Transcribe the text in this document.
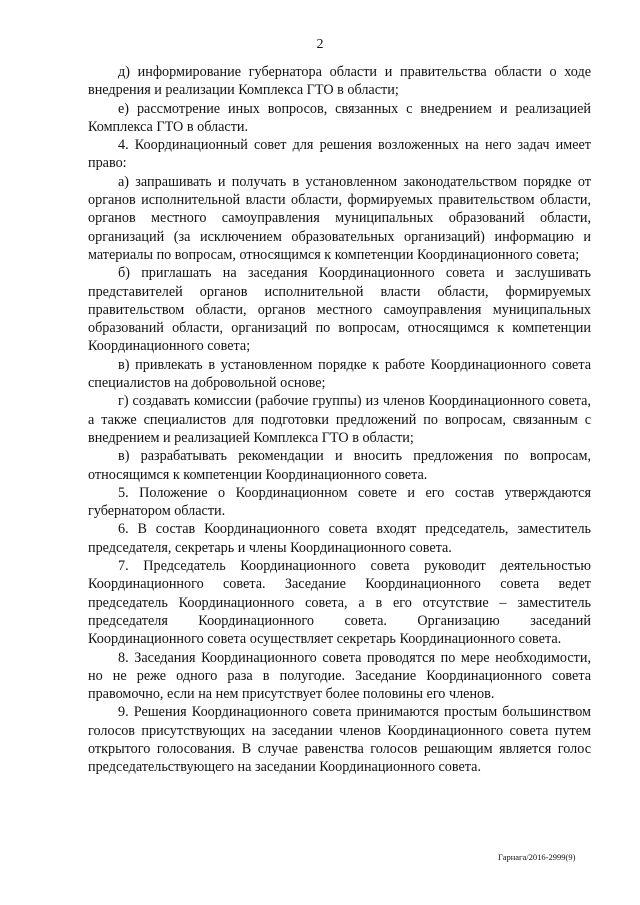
2

д) информирование губернатора области и правительства области о ходе внедрения и реализации Комплекса ГТО в области;

е) рассмотрение иных вопросов, связанных с внедрением и реализацией Комплекса ГТО в области.

4. Координационный совет для решения возложенных на него задач имеет право:

а) запрашивать и получать в установленном законодательством порядке от органов исполнительной власти области, формируемых правительством области, органов местного самоуправления муниципальных образований области, организаций (за исключением образовательных организаций) информацию и материалы по вопросам, относящимся к компетенции Координационного совета;

б) приглашать на заседания Координационного совета и заслушивать представителей органов исполнительной власти области, формируемых правительством области, органов местного самоуправления муниципальных образований области, организаций по вопросам, относящимся к компетенции Координационного совета;

в) привлекать в установленном порядке к работе Координационного совета специалистов на добровольной основе;

г) создавать комиссии (рабочие группы) из членов Координационного совета, а также специалистов для подготовки предложений по вопросам, связанным с внедрением и реализацией Комплекса ГТО в области;

в) разрабатывать рекомендации и вносить предложения по вопросам, относящимся к компетенции Координационного совета.

5. Положение о Координационном совете и его состав утверждаются губернатором области.

6. В состав Координационного совета входят председатель, заместитель председателя, секретарь и члены Координационного совета.

7. Председатель Координационного совета руководит деятельностью Координационного совета. Заседание Координационного совета ведет председатель Координационного совета, а в его отсутствие – заместитель председателя Координационного совета. Организацию заседаний Координационного совета осуществляет секретарь Координационного совета.

8. Заседания Координационного совета проводятся по мере необходимости, но не реже одного раза в полугодие. Заседание Координационного совета правомочно, если на нем присутствует более половины его членов.

9. Решения Координационного совета принимаются простым большинством голосов присутствующих на заседании членов Координационного совета путем открытого голосования. В случае равенства голосов решающим является голос председательствующего на заседании Координационного совета.

Гарнага/2016-2999(9)
